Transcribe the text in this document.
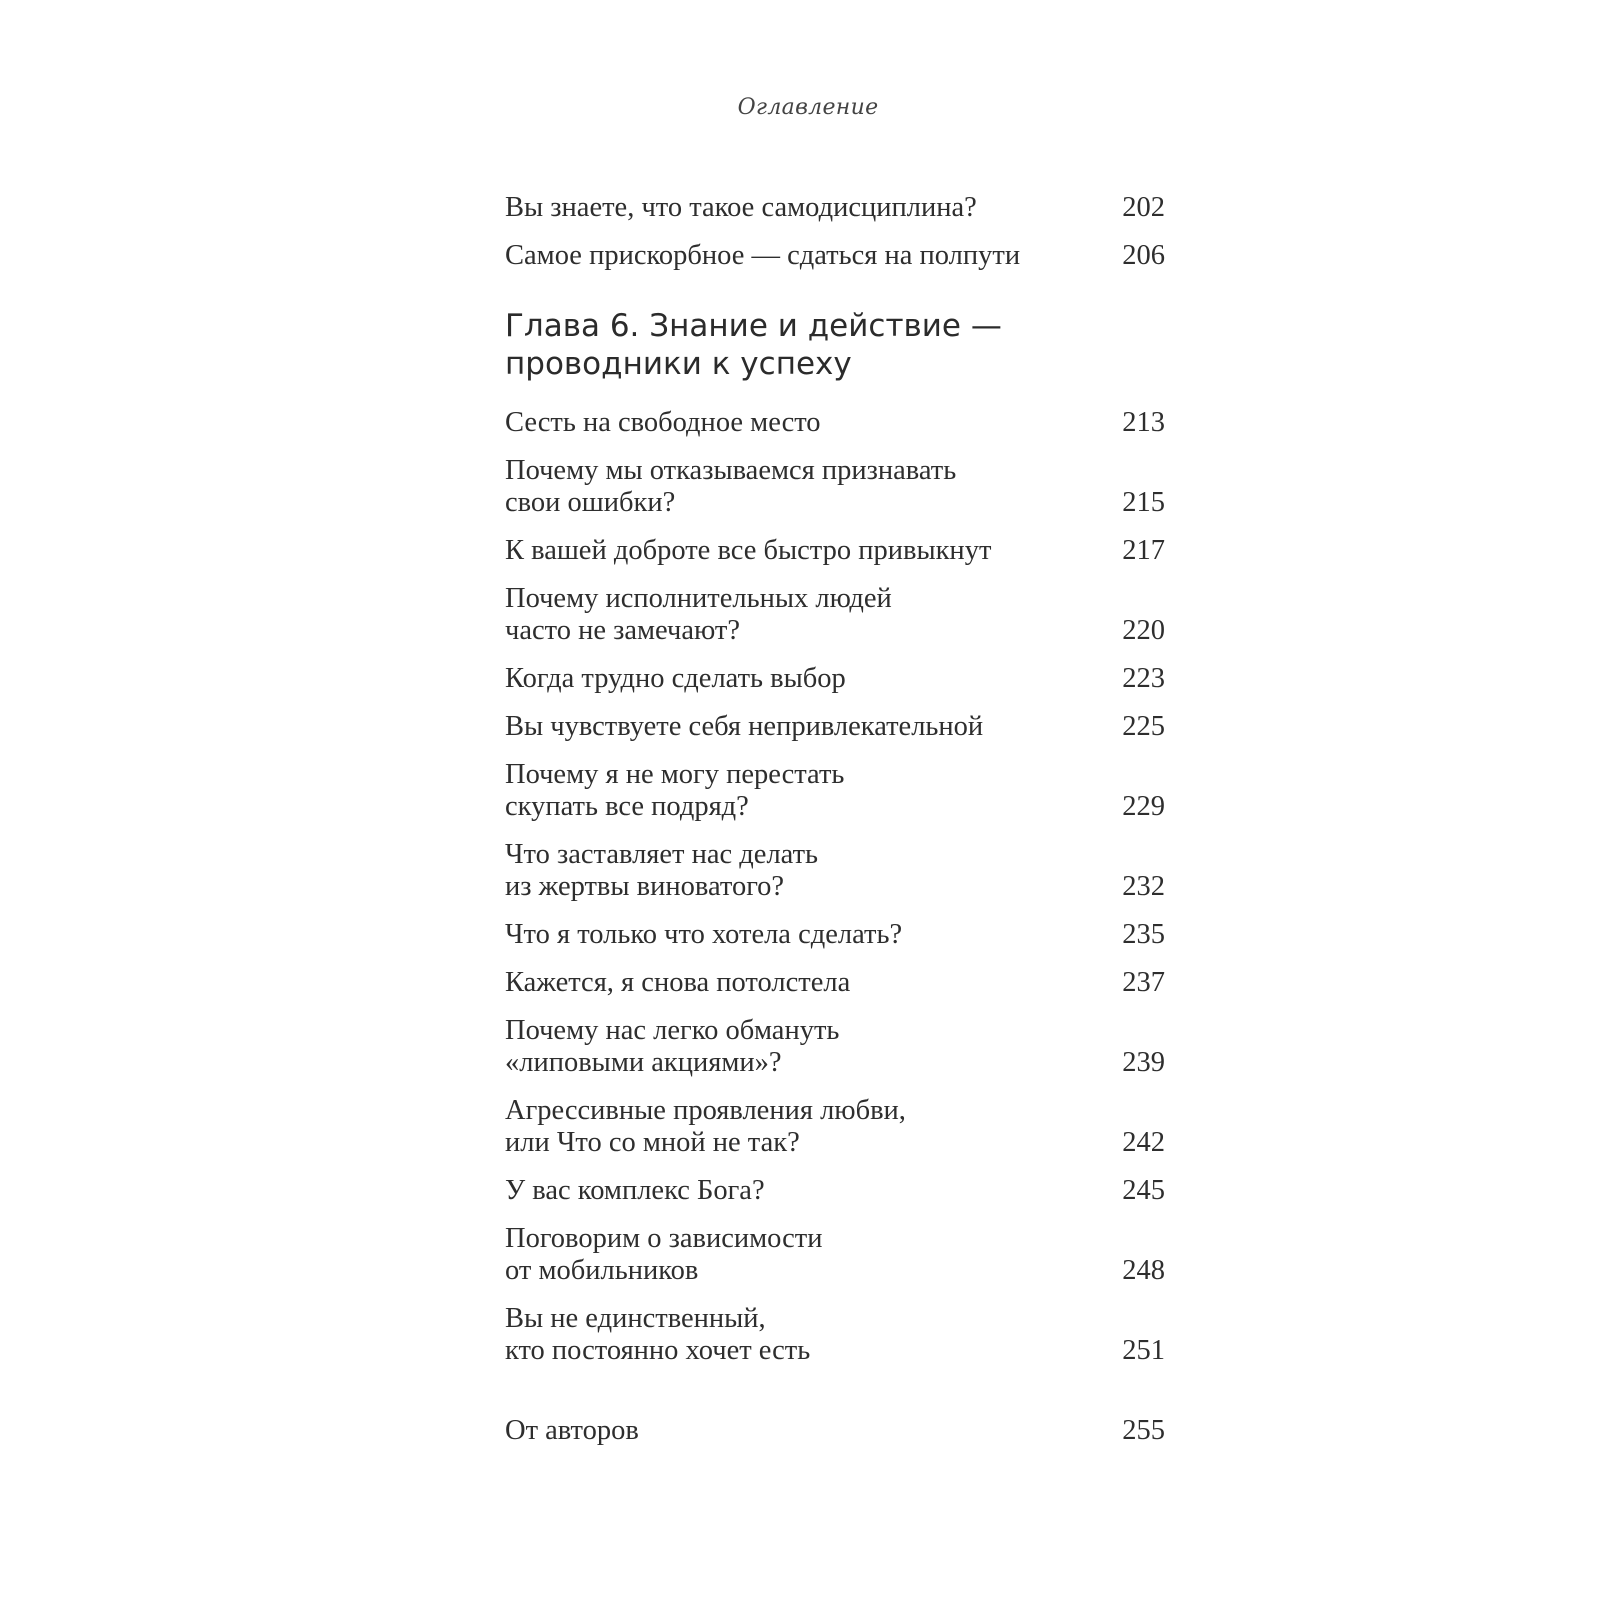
Оглавление
Вы знаете, что такое самодисциплина?	202
Самое прискорбное — сдаться на полпути	206
Глава 6. Знание и действие —
проводники к успеху
Сесть на свободное место	213
Почему мы отказываемся признавать
свои ошибки?	215
К вашей доброте все быстро привыкнут	217
Почему исполнительных людей
часто не замечают?	220
Когда трудно сделать выбор	223
Вы чувствуете себя непривлекательной	225
Почему я не могу перестать
скупать все подряд?	229
Что заставляет нас делать
из жертвы виноватого?	232
Что я только что хотела сделать?	235
Кажется, я снова потолстела	237
Почему нас легко обмануть
«липовыми акциями»?	239
Агрессивные проявления любви,
или Что со мной не так?	242
У вас комплекс Бога?	245
Поговорим о зависимости
от мобильников	248
Вы не единственный,
кто постоянно хочет есть	251
От авторов	255
